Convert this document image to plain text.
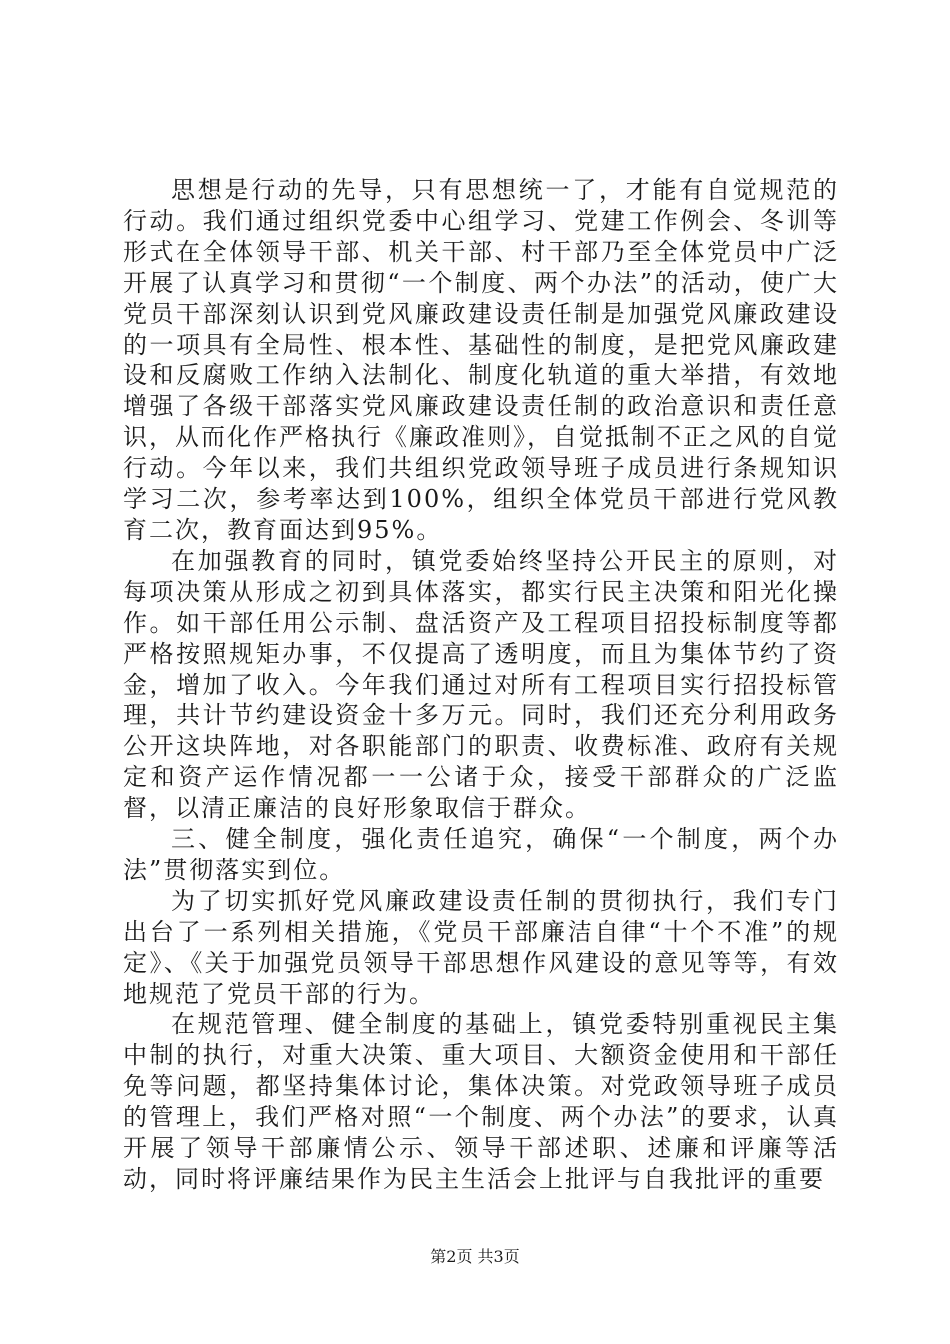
思想是行动的先导，只有思想统一了，才能有自觉规范的行动。我们通过组织党委中心组学习、党建工作例会、冬训等形式在全体领导干部、机关干部、村干部乃至全体党员中广泛开展了认真学习和贯彻“一个制度、两个办法”的活动，使广大党员干部深刻认识到党风廉政建设责任制是加强党风廉政建设的一项具有全局性、根本性、基础性的制度，是把党风廉政建设和反腐败工作纳入法制化、制度化轨道的重大举措，有效地增强了各级干部落实党风廉政建设责任制的政治意识和责任意识，从而化作严格执行《廉政准则》，自觉抵制不正之风的自觉行动。今年以来，我们共组织党政领导班子成员进行条规知识学习二次，参考率达到100%，组织全体党员干部进行党风教育二次，教育面达到95%。

在加强教育的同时，镇党委始终坚持公开民主的原则，对每项决策从形成之初到具体落实，都实行民主决策和阳光化操作。如干部任用公示制、盘活资产及工程项目招投标制度等都严格按照规矩办事，不仅提高了透明度，而且为集体节约了资金，增加了收入。今年我们通过对所有工程项目实行招投标管理，共计节约建设资金十多万元。同时，我们还充分利用政务公开这块阵地，对各职能部门的职责、收费标准、政府有关规定和资产运作情况都一一公诸于众，接受干部群众的广泛监督，以清正廉洁的良好形象取信于群众。

三、健全制度，强化责任追究，确保“一个制度，两个办法”贯彻落实到位。

为了切实抓好党风廉政建设责任制的贯彻执行，我们专门出台了一系列相关措施，《党员干部廉洁自律“十个不准”的规定》、《关于加强党员领导干部思想作风建设的意见等等，有效地规范了党员干部的行为。

在规范管理、健全制度的基础上，镇党委特别重视民主集中制的执行，对重大决策、重大项目、大额资金使用和干部任免等问题，都坚持集体讨论，集体决策。对党政领导班子成员的管理上，我们严格对照“一个制度、两个办法”的要求，认真开展了领导干部廉情公示、领导干部述职、述廉和评廉等活动，同时将评廉结果作为民主生活会上批评与自我批评的重要

第2页 共3页
